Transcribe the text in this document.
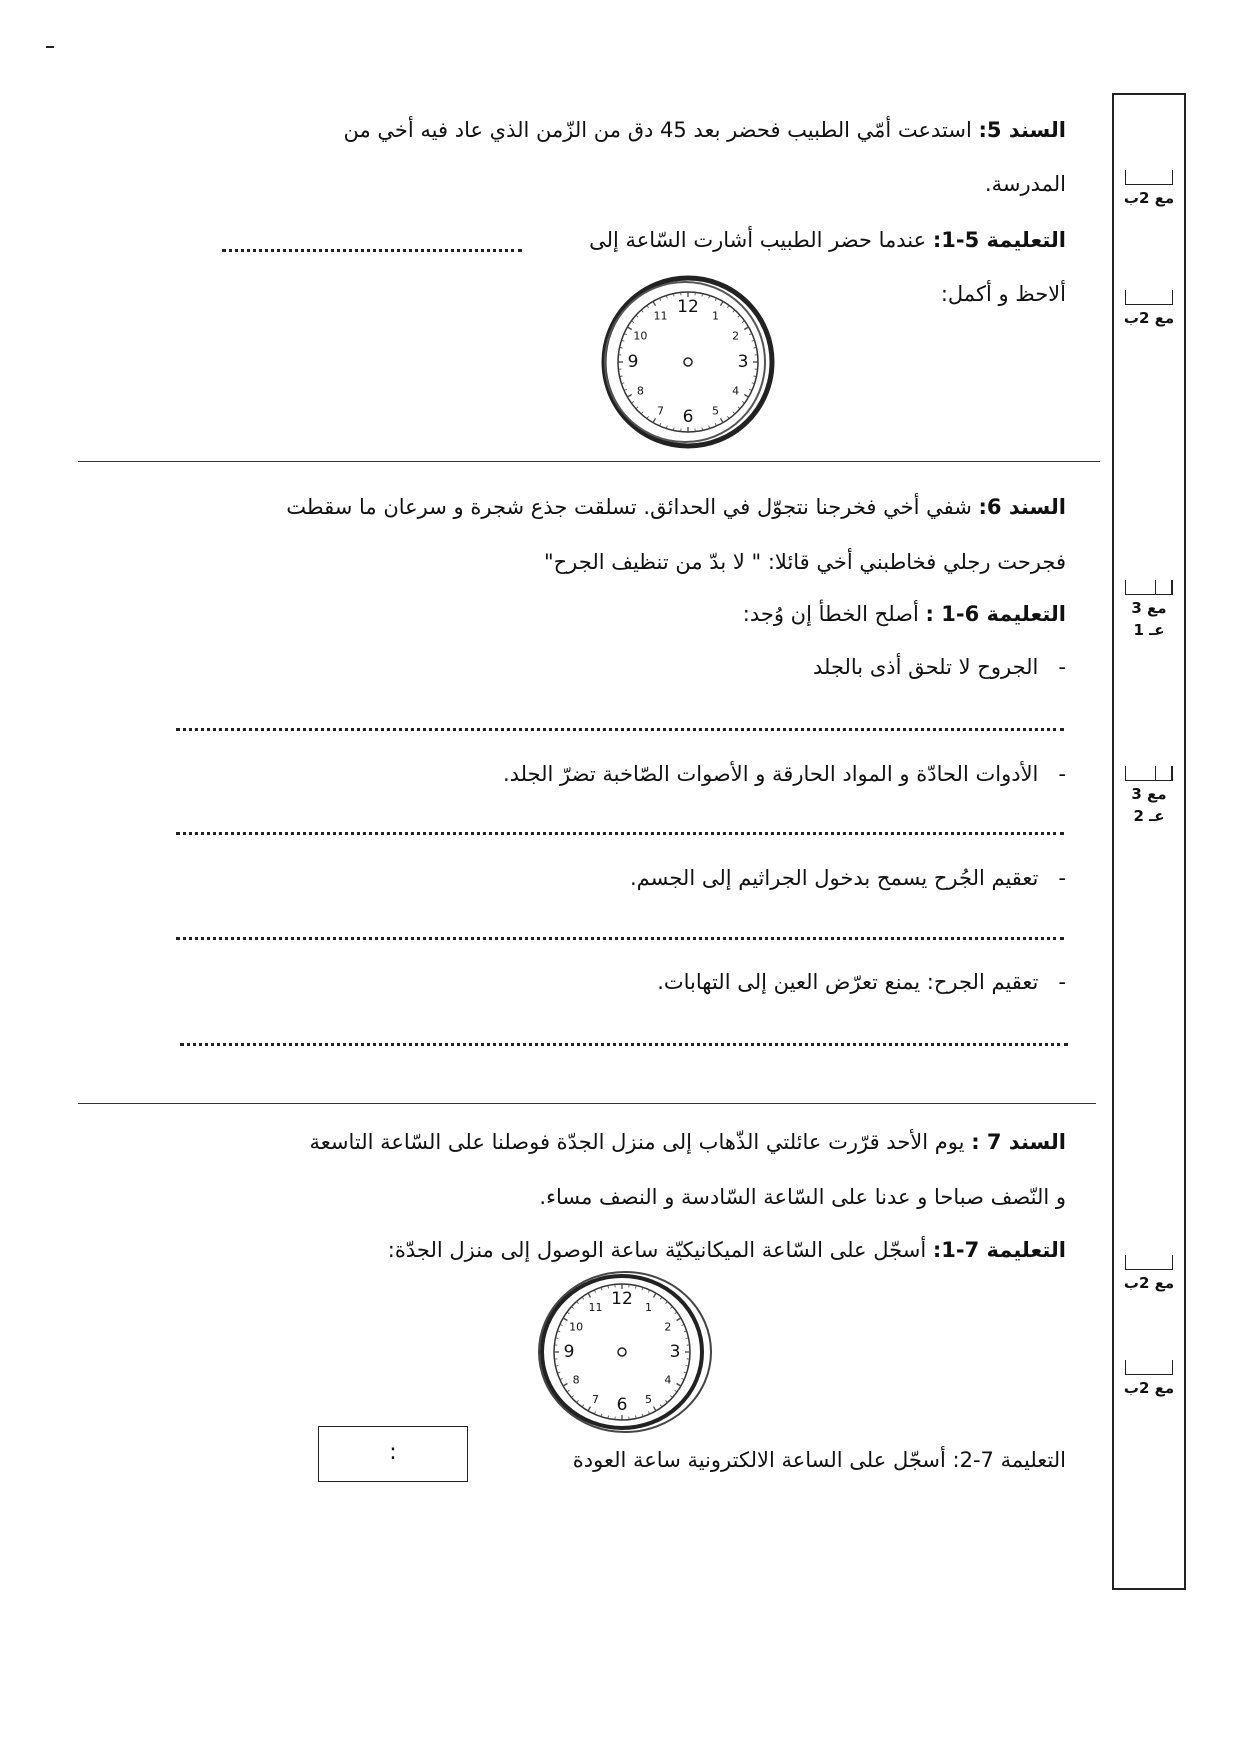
مع 2ب
مع 2ب
مع 3
عـ 1
مع 3
عـ 2
مع 2ب
مع 2ب
السند 5: استدعت أمّي الطبيب فحضر بعد 45 دق من الزّمن الذي عاد فيه أخي من
المدرسة.
التعليمة 5-1: عندما حضر الطبيب أشارت السّاعة إلى
ألاحظ و أكمل:
12 1
2
3
4
5
6
7
8
9
10
11
السند 6: شفي أخي فخرجنا نتجوّل في الحدائق. تسلقت جذع شجرة و سرعان ما سقطت
فجرحت رجلي فخاطبني أخي قائلا: " لا بدّ من تنظيف الجرح"
التعليمة 6-1 : أصلح الخطأ إن وُجد:
-   الجروح لا تلحق أذى بالجلد
-   الأدوات الحادّة و المواد الحارقة و الأصوات الصّاخبة تضرّ الجلد.
-   تعقيم الجُرح يسمح بدخول الجراثيم إلى الجسم.
-   تعقيم الجرح: يمنع تعرّض العين إلى التهابات.
السند 7 : يوم الأحد قرّرت عائلتي الذّهاب إلى منزل الجدّة فوصلنا على السّاعة التاسعة
و النّصف صباحا و عدنا على السّاعة السّادسة و النصف مساء.
التعليمة 7-1: أسجّل على السّاعة الميكانيكيّة ساعة الوصول إلى منزل الجدّة:
12 1
2
3
4
5
6
7
8
9
10
11
التعليمة 7-2: أسجّل على الساعة الالكترونية ساعة العودة
:
